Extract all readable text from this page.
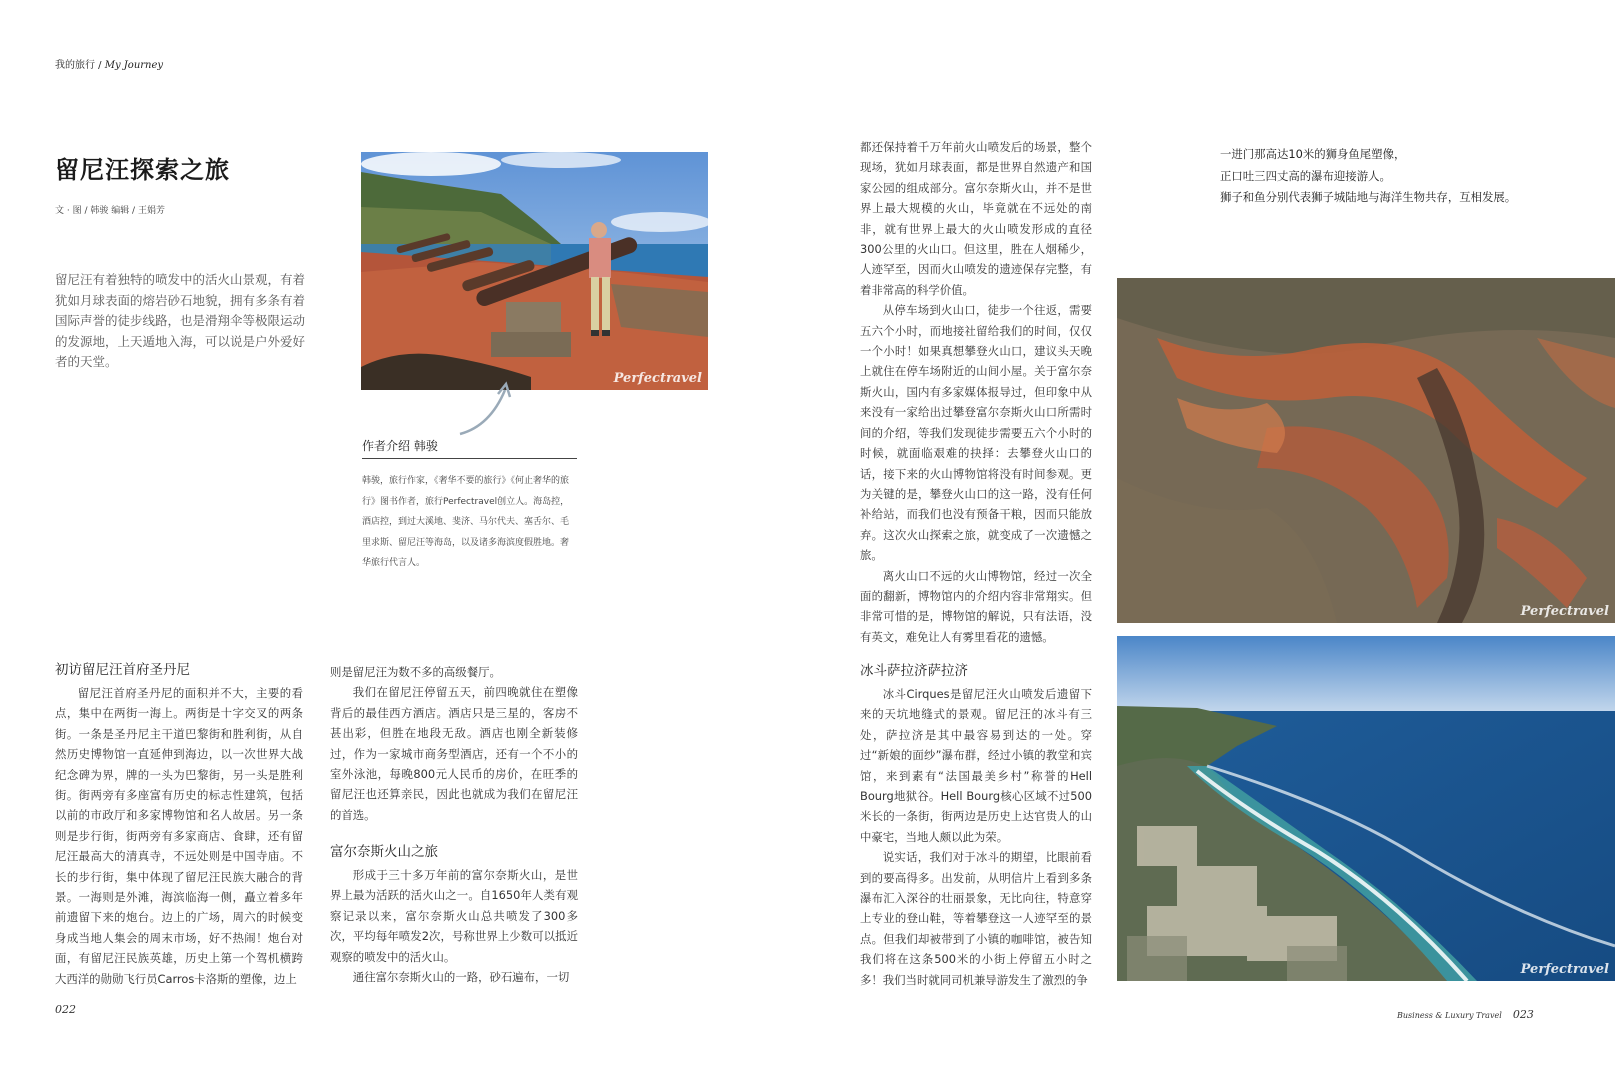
我的旅行 / My Journey
留尼汪探索之旅
文 · 图 / 韩骏 编辑 / 王娟芳
留尼汪有着独特的喷发中的活火山景观，有着犹如月球表面的熔岩砂石地貌，拥有多条有着国际声誉的徒步线路，也是滑翔伞等极限运动的发源地，上天遁地入海，可以说是户外爱好者的天堂。
Perfectravel
作者介绍 韩骏
韩骏，旅行作家，《奢华不要的旅行》《何止奢华的旅行》图书作者，旅行Perfectravel创立人。海岛控，酒店控，到过大溪地、斐济、马尔代夫、塞舌尔、毛里求斯、留尼汪等海岛，以及诸多海滨度假胜地。奢华旅行代言人。
初访留尼汪首府圣丹尼

留尼汪首府圣丹尼的面积并不大，主要的看点，集中在两街一海上。两街是十字交叉的两条街。一条是圣丹尼主干道巴黎街和胜利街，从自然历史博物馆一直延伸到海边，以一次世界大战纪念碑为界，牌的一头为巴黎街，另一头是胜利街。街两旁有多座富有历史的标志性建筑，包括以前的市政厅和多家博物馆和名人故居。另一条则是步行街，街两旁有多家商店、食肆，还有留尼汪最高大的清真寺，不远处则是中国寺庙。不长的步行街，集中体现了留尼汪民族大融合的背景。一海则是外滩，海滨临海一侧，矗立着多年前遗留下来的炮台。边上的广场，周六的时候变身成当地人集会的周末市场，好不热闹！炮台对面，有留尼汪民族英雄，历史上第一个驾机横跨大西洋的勋勋飞行员Carros卡洛斯的塑像，边上

则是留尼汪为数不多的高级餐厅。

我们在留尼汪停留五天，前四晚就住在塑像背后的最佳西方酒店。酒店只是三星的，客房不甚出彩，但胜在地段无敌。酒店也刚全新装修过，作为一家城市商务型酒店，还有一个不小的室外泳池，每晚800元人民币的房价，在旺季的留尼汪也还算亲民，因此也就成为我们在留尼汪的首选。

富尔奈斯火山之旅

形成于三十多万年前的富尔奈斯火山，是世界上最为活跃的活火山之一。自1650年人类有观察记录以来，富尔奈斯火山总共喷发了300多次，平均每年喷发2次，号称世界上少数可以抵近观察的喷发中的活火山。

通往富尔奈斯火山的一路，砂石遍布，一切

都还保持着千万年前火山喷发后的场景，整个现场，犹如月球表面，都是世界自然遗产和国家公园的组成部分。富尔奈斯火山，并不是世界上最大规模的火山，毕竟就在不远处的南非，就有世界上最大的火山喷发形成的直径300公里的火山口。但这里，胜在人烟稀少，人迹罕至，因而火山喷发的遗迹保存完整，有着非常高的科学价值。

从停车场到火山口，徒步一个往返，需要五六个小时，而地接社留给我们的时间，仅仅一个小时！如果真想攀登火山口，建议头天晚上就住在停车场附近的山间小屋。关于富尔奈斯火山，国内有多家媒体报导过，但印象中从来没有一家给出过攀登富尔奈斯火山口所需时间的介绍，等我们发现徒步需要五六个小时的时候，就面临艰难的抉择：去攀登火山口的话，接下来的火山博物馆将没有时间参观。更为关键的是，攀登火山口的这一路，没有任何补给站，而我们也没有预备干粮，因而只能放弃。这次火山探索之旅，就变成了一次遗憾之旅。

离火山口不远的火山博物馆，经过一次全面的翻新，博物馆内的介绍内容非常翔实。但非常可惜的是，博物馆的解说，只有法语，没有英文，难免让人有雾里看花的遗憾。

冰斗萨拉济萨拉济

冰斗Cirques是留尼汪火山喷发后遗留下来的天坑地缝式的景观。留尼汪的冰斗有三处，萨拉济是其中最容易到达的一处。穿过“新娘的面纱”瀑布群，经过小镇的教堂和宾馆，来到素有“法国最美乡村”称誉的Hell Bourg地狱谷。Hell Bourg核心区域不过500米长的一条街，街两边是历史上达官贵人的山中豪宅，当地人颇以此为荣。

说实话，我们对于冰斗的期望，比眼前看到的要高得多。出发前，从明信片上看到多条瀑布汇入深谷的壮丽景象，无比向往，特意穿上专业的登山鞋，等着攀登这一人迹罕至的景点。但我们却被带到了小镇的咖啡馆，被告知我们将在这条500米的小街上停留五小时之多！我们当时就同司机兼导游发生了激烈的争

一进门那高达10米的狮身鱼尾塑像，
正口吐三四丈高的瀑布迎接游人。
狮子和鱼分别代表狮子城陆地与海洋生物共存，互相发展。
Perfectravel
Perfectravel
022	Business & Luxury Travel 023
